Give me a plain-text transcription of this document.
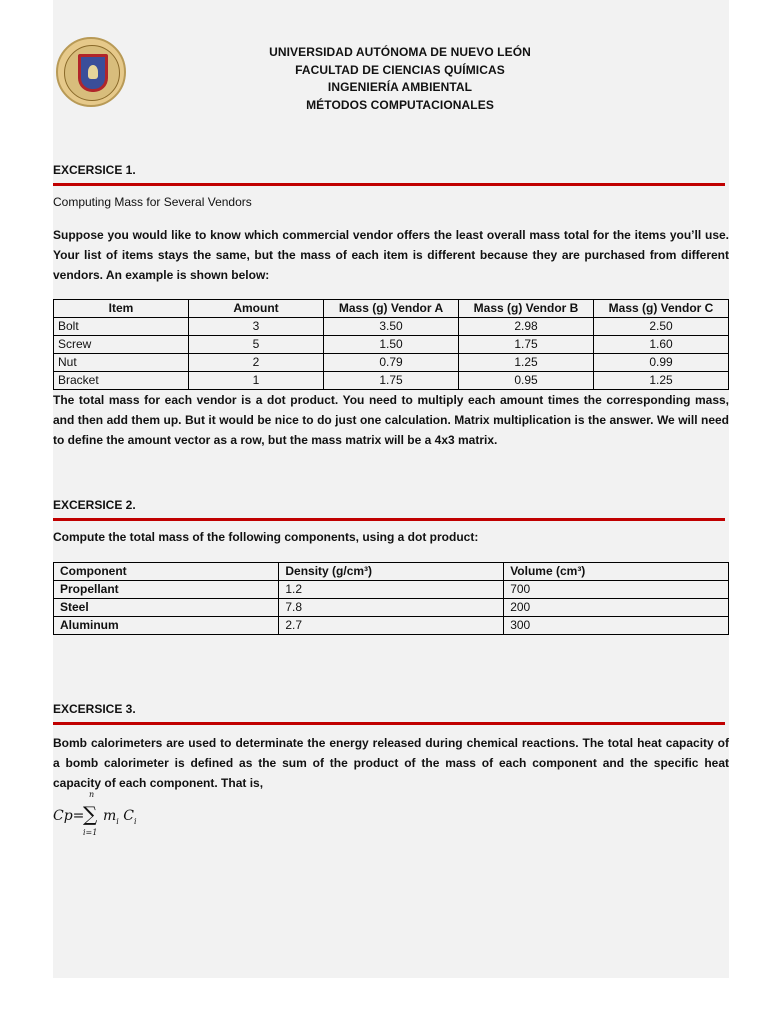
UNIVERSIDAD AUTÓNOMA DE NUEVO LEÓN
FACULTAD DE CIENCIAS QUÍMICAS
INGENIERÍA AMBIENTAL
MÉTODOS COMPUTACIONALES
EXCERSICE 1.
Computing Mass for Several Vendors
Suppose you would like to know which commercial vendor offers the least overall mass total for the items you’ll use. Your list of items stays the same, but the mass of each item is different because they are purchased from different vendors. An example is shown below:
Item	Amount	Mass (g) Vendor A	Mass (g) Vendor B	Mass (g) Vendor C
Bolt	3	3.50	2.98	2.50
Screw	5	1.50	1.75	1.60
Nut	2	0.79	1.25	0.99
Bracket	1	1.75	0.95	1.25
The total mass for each vendor is a dot product. You need to multiply each amount times the corresponding mass, and then add them up. But it would be nice to do just one calculation. Matrix multiplication is the answer. We will need to define the amount vector as a row, but the mass matrix will be a 4x3 matrix.
EXCERSICE 2.
Compute the total mass of the following components, using a dot product:
Component	Density (g/cm³)	Volume (cm³)
Propellant	1.2	700
Steel	7.8	200
Aluminum	2.7	300
EXCERSICE 3.
Bomb calorimeters are used to determinate the energy released during chemical reactions. The total heat capacity of a bomb calorimeter is defined as the sum of the product of the mass of each component and the specific heat capacity of each component. That is,
Cp=
n
∑
i=1
$m_i$ $C_i$
